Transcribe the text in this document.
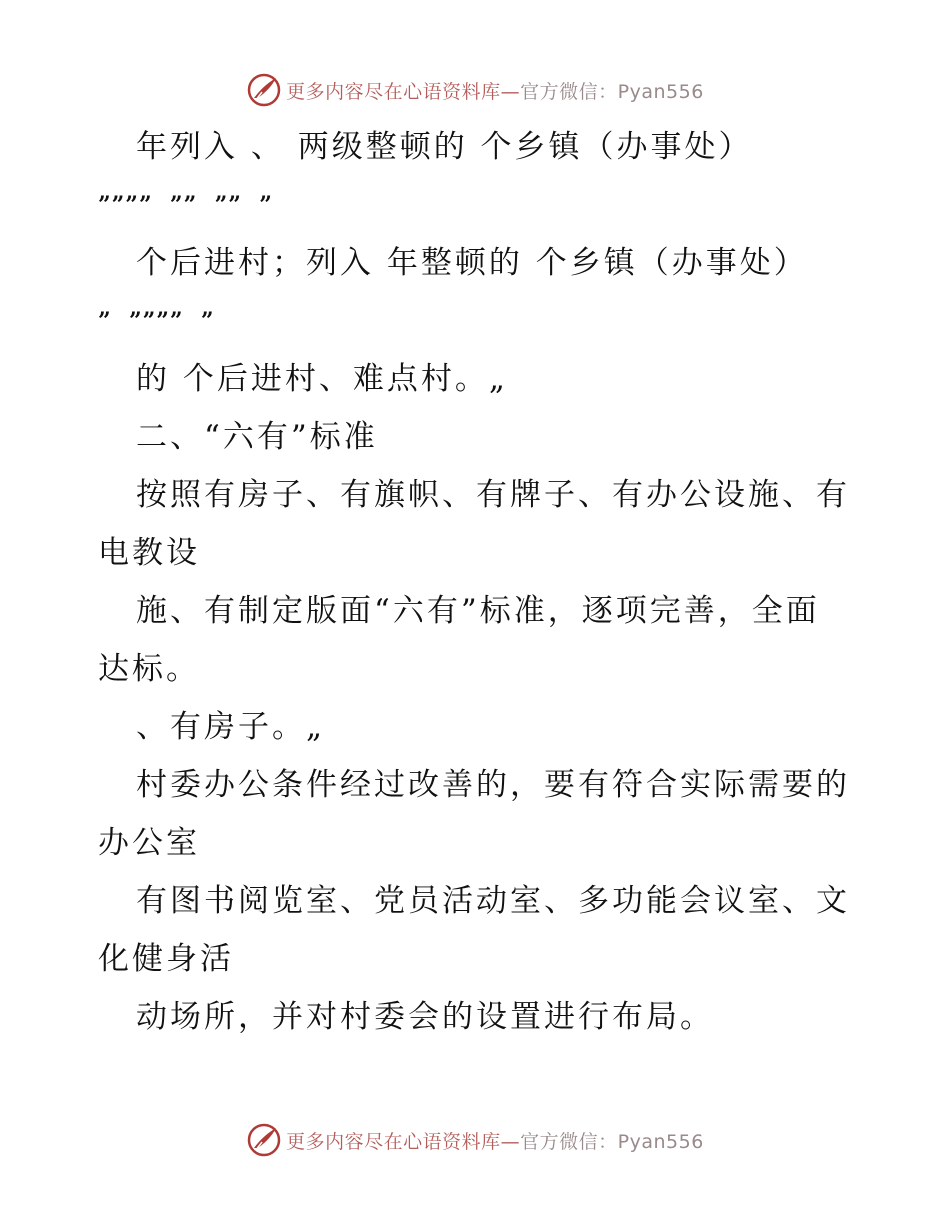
更多内容尽在心语资料库—官方微信：Pyan556
年列入 、 两级整顿的 个乡镇（办事处）
””””  ””  ””  ”
个后进村；列入 年整顿的 个乡镇（办事处）
”  ””””  ”
的 个后进村、难点村。„
二、“六有”标准
按照有房子、有旗帜、有牌子、有办公设施、有
电教设
施、有制定版面“六有”标准，逐项完善，全面
达标。
、有房子。„
村委办公条件经过改善的，要有符合实际需要的
办公室
有图书阅览室、党员活动室、多功能会议室、文
化健身活
动场所，并对村委会的设置进行布局。
更多内容尽在心语资料库—官方微信：Pyan556
